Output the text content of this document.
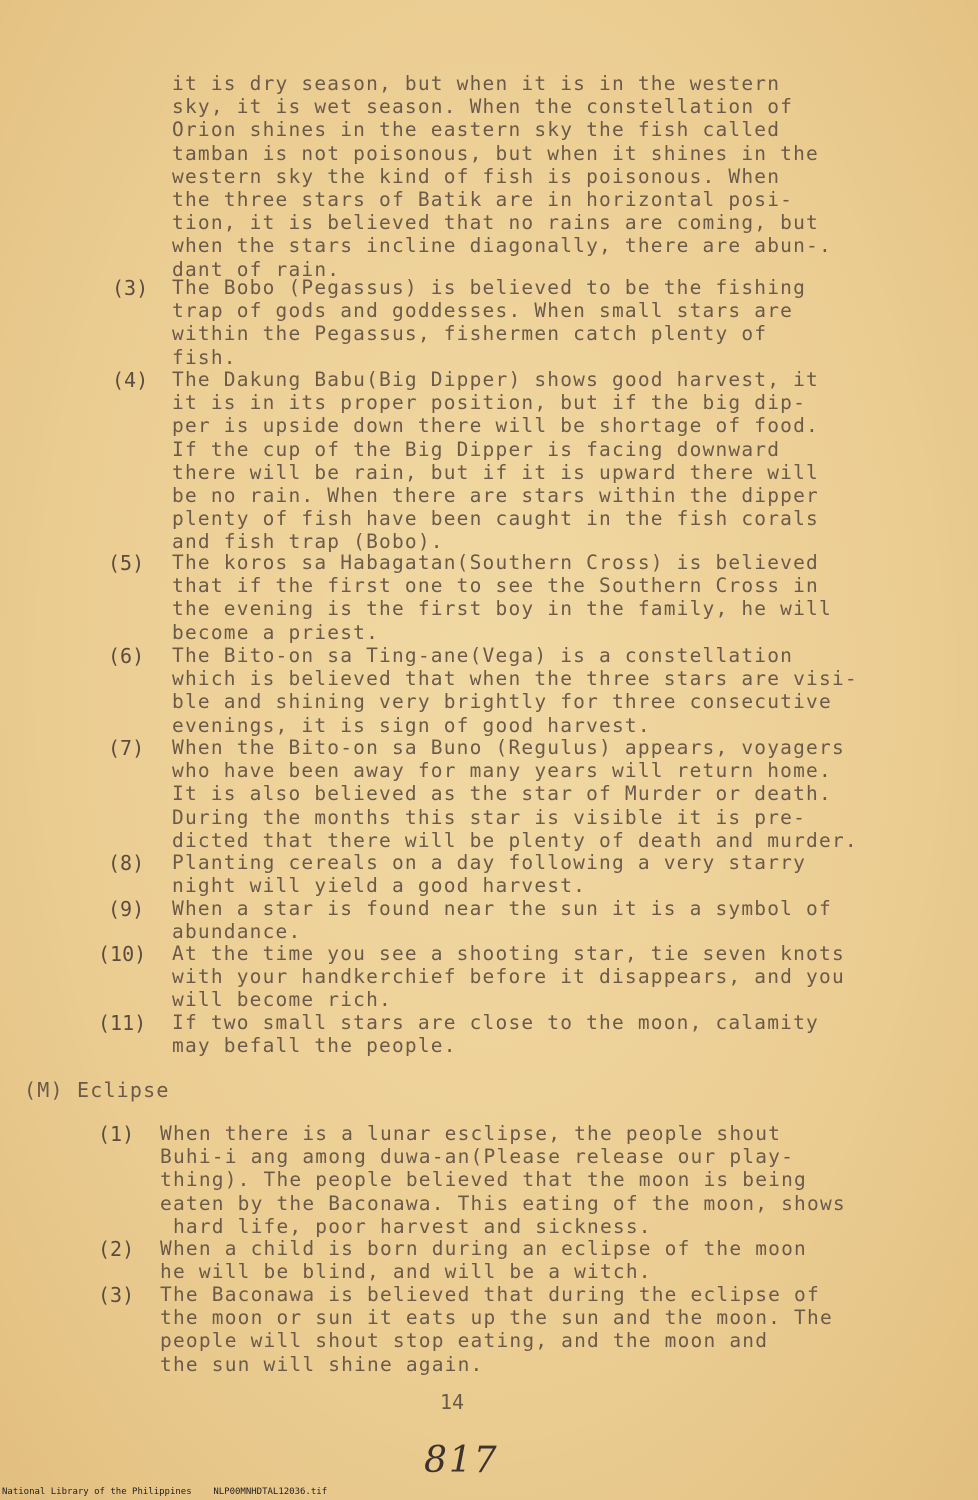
it is dry season, but when it is in the western
sky, it is wet season. When the constellation of
Orion shines in the eastern sky the fish called
tamban is not poisonous, but when it shines in the
western sky the kind of fish is poisonous. When
the three stars of Batik are in horizontal posi-
tion, it is believed that no rains are coming, but
when the stars incline diagonally, there are abun-.
dant of rain.
(3) The Bobo (Pegassus) is believed to be the fishing
trap of gods and goddesses. When small stars are
within the Pegassus, fishermen catch plenty of
fish.
(4) The Dakung Babu(Big Dipper) shows good harvest, it
it is in its proper position, but if the big dip-
per is upside down there will be shortage of food.
If the cup of the Big Dipper is facing downward
there will be rain, but if it is upward there will
be no rain. When there are stars within the dipper
plenty of fish have been caught in the fish corals
and fish trap (Bobo).
(5) The koros sa Habagatan(Southern Cross) is believed
that if the first one to see the Southern Cross in
the evening is the first boy in the family, he will
become a priest.
(6) The Bito-on sa Ting-ane(Vega) is a constellation
which is believed that when the three stars are visi-
ble and shining very brightly for three consecutive
evenings, it is sign of good harvest.
(7) When the Bito-on sa Buno (Regulus) appears, voyagers
who have been away for many years will return home.
It is also believed as the star of Murder or death.
During the months this star is visible it is pre-
dicted that there will be plenty of death and murder.
(8) Planting cereals on a day following a very starry
night will yield a good harvest.
(9) When a star is found near the sun it is a symbol of
abundance.
(10) At the time you see a shooting star, tie seven knots
with your handkerchief before it disappears, and you
will become rich.
(11) If two small stars are close to the moon, calamity
may befall the people.
(M) Eclipse
(1) When there is a lunar esclipse, the people shout
Buhi-i ang among duwa-an(Please release our play-
thing). The people believed that the moon is being
eaten by the Baconawa. This eating of the moon, shows
hard life, poor harvest and sickness.
(2) When a child is born during an eclipse of the moon
he will be blind, and will be a witch.
(3) The Baconawa is believed that during the eclipse of
the moon or sun it eats up the sun and the moon. The
people will shout stop eating, and the moon and
the sun will shine again.
14
817
National Library of the Philippines    NLP00MNHDTAL12036.tif
